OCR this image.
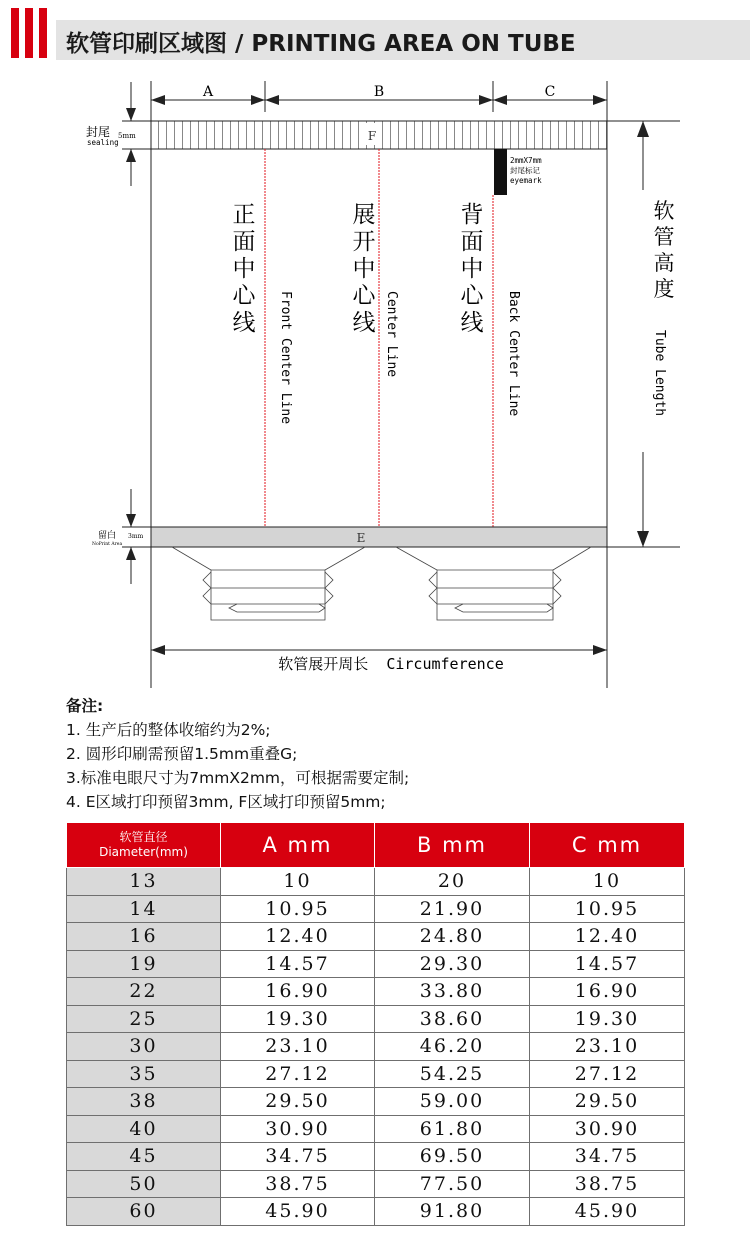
软管印刷区域图 / PRINTING AREA ON TUBE
F
A	B	C
封尾 5mm
sealing
2mmX7mm
封尾标记
eyemark
正
面
中
心
线
展
开
中
心
线
背
面
中
心
线
Front Center Line	Center Line	Back Center Line
软
管
高
度
Tube Length
E
留白 3mm
NoPrint Area
软管展开周长  Circumference
备注:
1. 生产后的整体收缩约为2%;
2. 圆形印刷需预留1.5mm重叠G;
3.标准电眼尺寸为7mmX2mm，可根据需要定制;
4. E区域打印预留3mm, F区域打印预留5mm;
软管直径
Diameter(mm)	A mm	B mm	C mm
13	10	20	10
14	10.95	21.90	10.95
16	12.40	24.80	12.40
19	14.57	29.30	14.57
22	16.90	33.80	16.90
25	19.30	38.60	19.30
30	23.10	46.20	23.10
35	27.12	54.25	27.12
38	29.50	59.00	29.50
40	30.90	61.80	30.90
45	34.75	69.50	34.75
50	38.75	77.50	38.75
60	45.90	91.80	45.90
